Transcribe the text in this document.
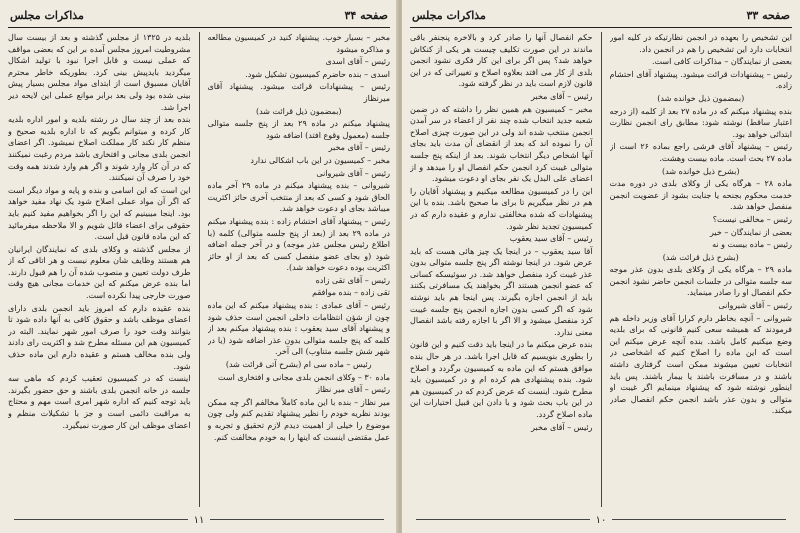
صفحه ۳۴
مذاکرات مجلس

مخبر – بسیار خوب. پیشنهاد کنید در کمیسیون مطالعه و مذاکره میشود

رئیس – آقای اسدی

اسدی – بنده حاضرم کمیسیون تشکیل شود.

رئیس – پیشنهادات قرائت میشود. پیشنهاد آقای میرنظاز

(بمضمون ذیل قرائت شد)

پیشنهاد میکنم در ماده ۲۹ بعد از پنج جلسه متوالی جلسه (معمول وقوع افتد) اضافه شود

رئیس – آقای مخبر

مخبر – کمیسیون در این باب اشکالی ندارد

رئیس – آقای شیروانی

شیروانی – بنده پیشنهاد میکنم در ماده ۲۹ آخر ماده الحاق شود و کسی که بعد از منتخب آخری حائز اکثریت میباشد بجای او دعوت خواهد شد.

رئیس – پیشنهاد آقای احتشام زاده : بنده پیشنهاد میکنم در ماده ۲۹ بعد از (بعد از پنج جلسه متوالی) کلمه (با اطلاع رئیس مجلس عذر موجه) و در آخر جمله اضافه شود (و بجای عضو منفصل کسی که بعد از او حائز اکثریت بوده دعوت خواهد شد).

رئیس – آقای تقی زاده

تقی زاده – بنده موافقم

رئیس – آقای عمادی : بنده پیشنهاد میکنم که این ماده چون از شؤن انتظامات داخلی انجمن است حذف شود و پیشنهاد آقای سید یعقوب : بنده پیشنهاد میکنم بعد از کلمه که پنج جلسه متوالی بدون عذر اضافه شود (یا در شهر شش جلسه متناوب) الی آخر.

رئیس – ماده سی ام (بشرح آتی قرائت شد)

ماده ۳۰ – وکلای انجمن بلدی مجانی و افتخاری است

رئیس – آقای میر نظاز

میر نظاز – بنده با این ماده کاملاً مخالفم اگر چه ممکن بودند نظریه خودم را نظیر پیشنهاد تقدیم کنم ولی چون موضوع را خیلی از اهمیت دیدم لازم تحقیق و تجربه و عمل مقتضی اینست که اینها را به خودم مخالفت کنم.

بلدیه در ۱۳۲۵ از مجلس گذشته و بعد از بیست سال مشروطیت امروز مجلس آمده بر این که بعضی مواقف که عملی نیست و قابل اجرا نبود با تولید اشکال میگردید بایدپیش بینی کرد. بطوریکه خاطر محترم آقایان مسبوق است از ابتدای مواد مجلس بسیار پیش بینی شده بود ولی بعد برابر موانع عملی این لایحه دیر اجرا شد.

بنده بعد از چند سال در رشته بلدیه و امور اداره بلدیه کار کرده و میتوانم بگویم که تا اداره بلدیه صحیح و منظم کار نکند کار مملکت اصلاح نمیشود. اگر اعضای انجمن بلدی مجانی و افتخاری باشد مردم رغبت نمیکنند که در آن کار وارد شوند و اگر هم وارد شدند همه وقت خود را صرف آن نمیکنند.

این است که این اسامی و بنده و پایه و مواد دیگر است که اگر آن مواد عملی اصلاح شود یک نهاد مفید خواهد بود. اینجا میبینیم که این را اگر بخواهیم مفید کنیم باید حقوقی برای اعضاء قائل شویم و الا ملاحظه میفرمائید که این ماده قانون قبل است.

از مجلس گذشته و وکلای بلدی که نمایندگان ایرانیان هم هستند وظایف شان معلوم نیست و هر اتاقی که از طرف دولت تعیین و منصوب شده آن را هم قبول دارند. اما بنده عرض میکنم که این خدمات مجانی هیچ وقت صورت خارجی پیدا نکرده است.

بنده عقیده دارم که امروز باید انجمن بلدی دارای اعضای موظف باشد و حقوق کافی به آنها داده شود تا بتوانند وقت خود را صرف امور شهر نمایند. البته در کمیسیون هم این مسئله مطرح شد و اکثریت رای دادند ولی بنده مخالف هستم و عقیده دارم این ماده حذف شود.

اینست که در کمیسیون تعقیب کردم که ماهی سه جلسه در خانه انجمن بلدی باشند و حق حضور بگیرند. باید توجه کنیم که اداره شهر امری است مهم و محتاج به مراقبت دائمی است و جز با تشکیلات منظم و اعضای موظف این کار صورت نمیگیرد.

۱۱
صفحه ۳۳
مذاکرات مجلس

این تشخیص را بعهده در انجمن نظارتیکه در کلیه امور انتخابات دارد این تشخیص را هم در انجمن داد.

بعضی از نمایندگان – مذاکرات کافی است.

رئیس – پیشنهادات قرائت میشود. پیشنهاد آقای احتشام زاده.

(بمضمون ذیل خوانده شد)

بنده پیشنهاد میکنم که در ماده ۲۷ بعد از کلمه (از درجه اعتبار ساقط) نوشته شود: مطابق رای انجمن نظارت ابتدائی خواهد بود.

رئیس – پیشنهاد آقای فرشی راجع بماده ۲۶ است از ماده ۲۷ بحث است. ماده بیست وهشت.

(بشرح ذیل خوانده شد)

ماده ۲۸ – هرگاه یکی از وکلای بلدی در دوره مدت خدمت محکوم بجنحه یا جنایت بشود از عضویت انجمن منفصل خواهد شد.

رئیس – مخالفی نیست؟

بعضی از نمایندگان – خیر

رئیس – ماده بیست و نه

(بشرح ذیل قرائت شد)

ماده ۲۹ – هرگاه یکی از وکلای بلدی بدون عذر موجه سه جلسه متوالی در جلسات انجمن حاضر نشود انجمن حکم انفصال او را صادر مینماید.

رئیس – آقای شیروانی

شیروانی – آنچه بخاطر دارم کرارا آقای وزیر داخله هم فرمودند که همیشه سعی کنیم قانونی که برای بلدیه وضع میکنیم کامل باشد. بنده آنچه عرض میکنم این است که این ماده را اصلاح کنیم که اشخاصی در انتخابات تعیین میشوند ممکن است گرفتاری داشته باشند و در مسافرت باشند یا بیمار باشند. پس باید اینطور نوشته شود که پیشنهاد مینمایم اگر غیبت او متوالی و بدون عذر باشد انجمن حکم انفصال صادر میکند.

حکم انفصال آنها را صادر کرد و بالاخره پنجنفر باقی ماندند در این صورت تکلیف چیست هر یکی از کنکاش خواهد شد؟ پس اگر برای این کار فکری نشود انجمن بلدی از کار می افتد بعلاوه اصلاح و تغییراتی که در این قانون لازم است باید در نظر گرفته شود.

رئیس – آقای مخبر

مخبر – کمیسیون هم همین نظر را داشته که در ضمن شعبه جدید انتخاب شده چند نفر از اعضاء در سر آمدن انجمن منتخب شده اند ولی در این صورت چیزی اصلاح آن را نموده اند که بعد از انقضای آن مدت باید بجای آنها اشخاص دیگر انتخاب شوند. بعد از اینکه پنج جلسه متوالی غیبت کرد انجمن حکم انفصال او را میدهد و از اعضای علی البدل یک نفر بجای او دعوت میشود.

این را در کمیسیون مطالعه میکنیم و پیشنهاد آقایان را هم در نظر میگیریم تا برای ما صحیح باشد. بنده با این پیشنهادات که شده مخالفتی ندارم و عقیده دارم که در کمیسیون تجدید نظر شود.

رئیس – آقای سید یعقوب

آقا سید یعقوب – در اینجا یک چیز هائی هست که باید عرض شود. در اینجا نوشته اگر پنج جلسه متوالی بدون عذر غیبت کرد منفصل خواهد شد. در سوئیسکه کسانی که عضو انجمن هستند اگر بخواهند یک مسافرتی بکنند باید از انجمن اجازه بگیرند. پس اینجا هم باید نوشته شود که اگر کسی بدون اجازه انجمن پنج جلسه غیبت کرد منفصل میشود و الا اگر با اجازه رفته باشد انفصال معنی ندارد.

بنده عرض میکنم ما در اینجا باید دقت کنیم و این قانون را بطوری بنویسیم که قابل اجرا باشد. در هر حال بنده موافق هستم که این ماده به کمیسیون برگردد و اصلاح شود. بنده پیشنهادی هم کرده ام و در کمیسیون باید مطرح شود. اینست که عرض کردم که در کمیسیون هم در این باب بحث شود و با دادن این قبیل اختیارات این ماده اصلاح گردد.

رئیس – آقای مخبر

۱۰
